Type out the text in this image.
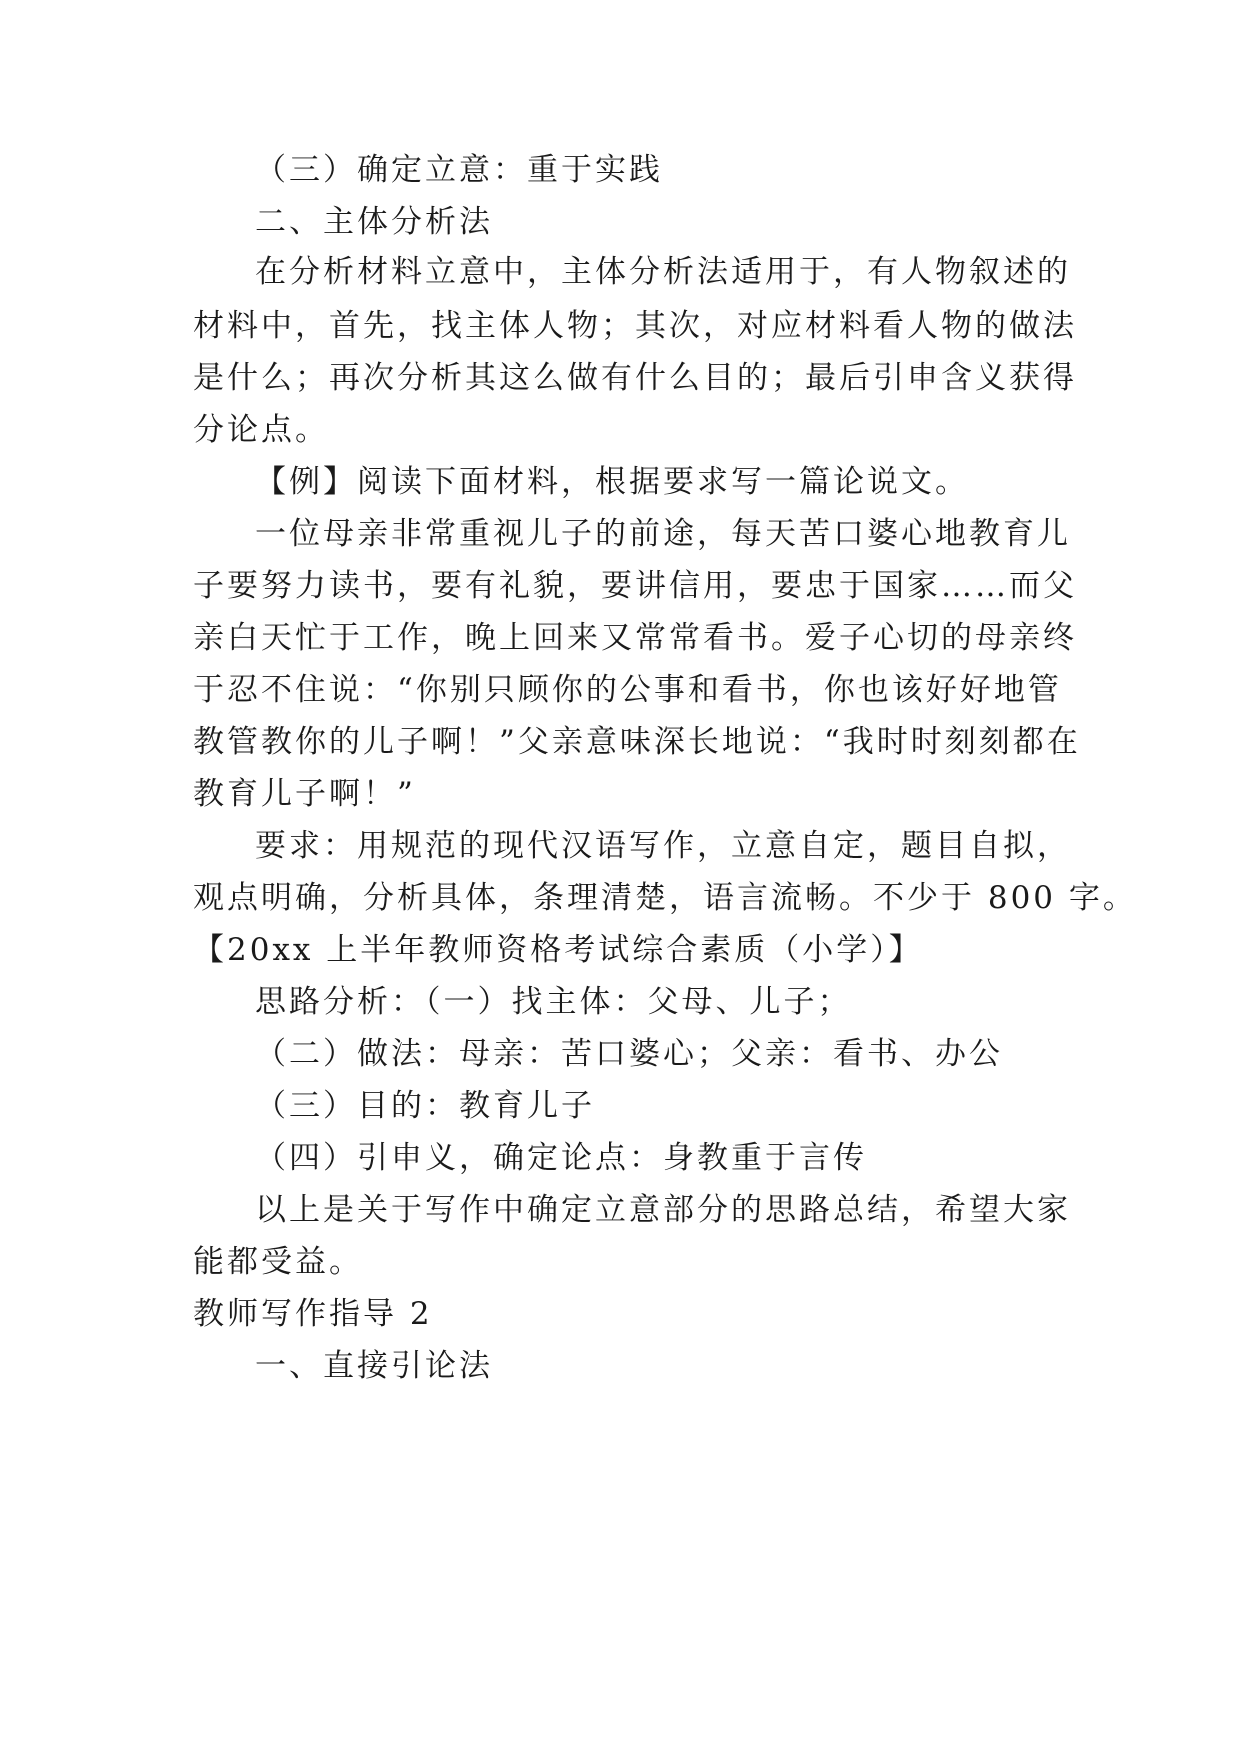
（三）确定立意：重于实践
二、主体分析法
在分析材料立意中，主体分析法适用于，有人物叙述的
材料中，首先，找主体人物；其次，对应材料看人物的做法
是什么；再次分析其这么做有什么目的；最后引申含义获得
分论点。
【例】阅读下面材料，根据要求写一篇论说文。
一位母亲非常重视儿子的前途，每天苦口婆心地教育儿
子要努力读书，要有礼貌，要讲信用，要忠于国家……而父
亲白天忙于工作，晚上回来又常常看书。爱子心切的母亲终
于忍不住说：“你别只顾你的公事和看书，你也该好好地管
教管教你的儿子啊！”父亲意味深长地说：“我时时刻刻都在
教育儿子啊！”
要求：用规范的现代汉语写作，立意自定，题目自拟，
观点明确，分析具体，条理清楚，语言流畅。不少于 800 字。
【20xx 上半年教师资格考试综合素质（小学）】
思路分析：（一）找主体：父母、儿子；
（二）做法：母亲：苦口婆心；父亲：看书、办公
（三）目的：教育儿子
（四）引申义，确定论点：身教重于言传
以上是关于写作中确定立意部分的思路总结，希望大家
能都受益。
教师写作指导 2
一、直接引论法
